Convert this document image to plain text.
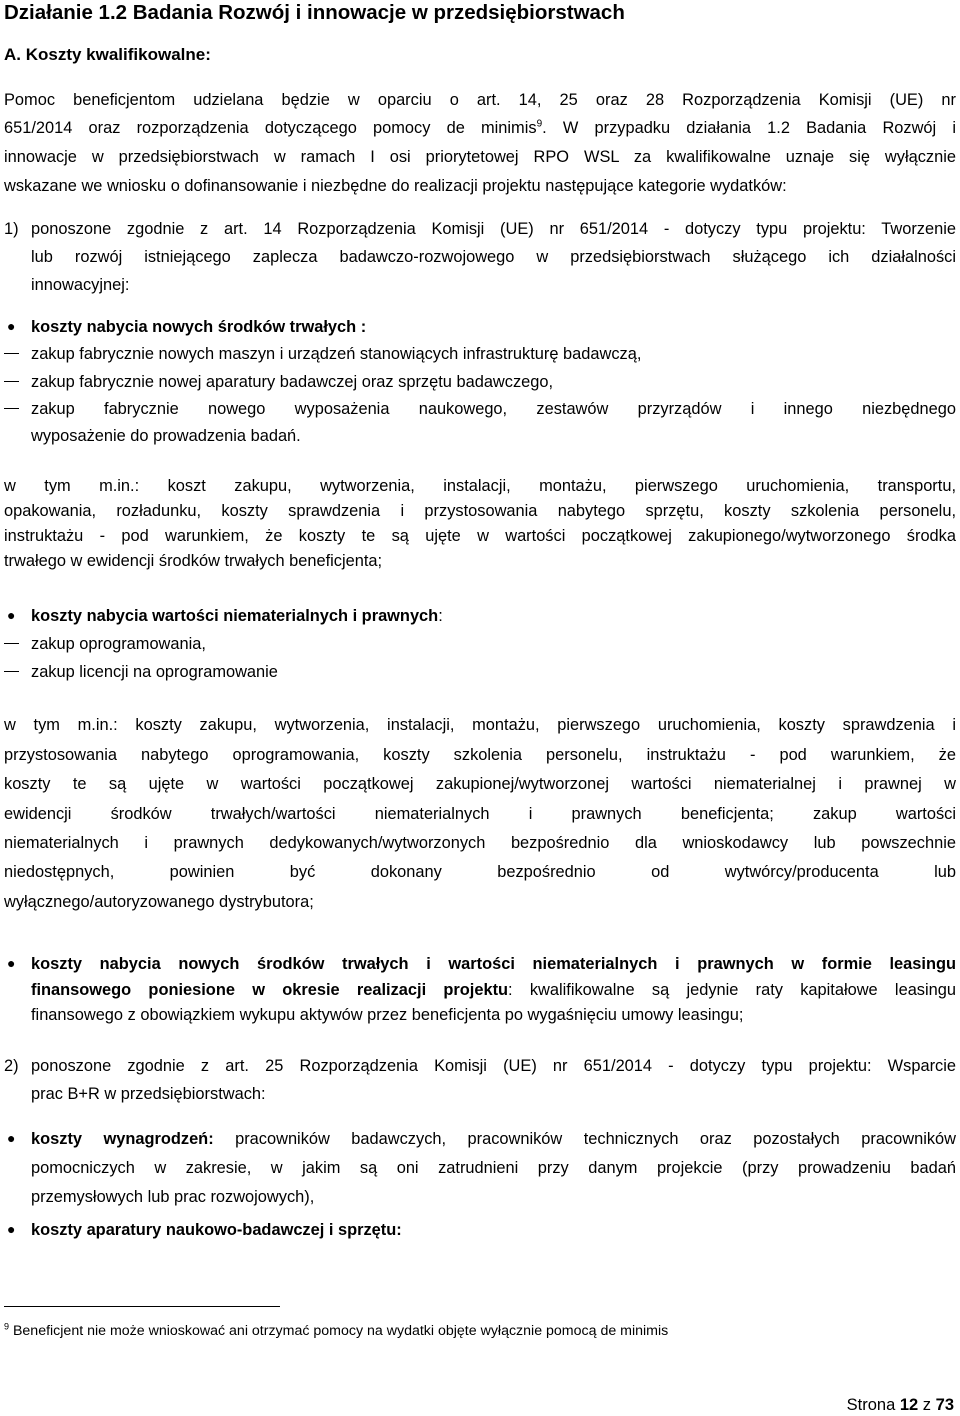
Działanie 1.2 Badania Rozwój i innowacje w przedsiębiorstwach
A. Koszty kwalifikowalne:
Pomoc beneficjentom udzielana będzie w oparciu o art. 14, 25 oraz 28 Rozporządzenia Komisji (UE) nr
651/2014 oraz rozporządzenia dotyczącego pomocy de minimis$^9$. W przypadku działania 1.2 Badania Rozwój i
innowacje w przedsiębiorstwach w ramach I osi priorytetowej RPO WSL za kwalifikowalne uznaje się wyłącznie
wskazane we wniosku o dofinansowanie i niezbędne do realizacji projektu następujące kategorie wydatków:
1) ponoszone zgodnie z art. 14 Rozporządzenia Komisji (UE) nr 651/2014 - dotyczy typu projektu: Tworzenie
lub rozwój istniejącego zaplecza badawczo-rozwojowego w przedsiębiorstwach służącego ich działalności
innowacyjnej:
● koszty nabycia nowych środków trwałych :
zakup fabrycznie nowych maszyn i urządzeń stanowiących infrastrukturę badawczą,
zakup fabrycznie nowej aparatury badawczej oraz sprzętu badawczego,
zakup fabrycznie nowego wyposażenia naukowego, zestawów przyrządów i innego niezbędnego
wyposażenie do prowadzenia badań.
w tym m.in.: koszt zakupu, wytworzenia, instalacji, montażu, pierwszego uruchomienia, transportu,
opakowania, rozładunku, koszty sprawdzenia i przystosowania nabytego sprzętu, koszty szkolenia personelu,
instruktażu - pod warunkiem, że koszty te są ujęte w wartości początkowej zakupionego/wytworzonego środka
trwałego w ewidencji środków trwałych beneficjenta;
● koszty nabycia wartości niematerialnych i prawnych:
zakup oprogramowania,
zakup licencji na oprogramowanie
w tym m.in.: koszty zakupu, wytworzenia, instalacji, montażu, pierwszego uruchomienia, koszty sprawdzenia i
przystosowania nabytego oprogramowania, koszty szkolenia personelu, instruktażu - pod warunkiem, że
koszty te są ujęte w wartości początkowej zakupionej/wytworzonej wartości niematerialnej i prawnej w
ewidencji środków trwałych/wartości niematerialnych i prawnych beneficjenta; zakup wartości
niematerialnych i prawnych dedykowanych/wytworzonych bezpośrednio dla wnioskodawcy lub powszechnie
niedostępnych, powinien być dokonany bezpośrednio od wytwórcy/producenta lub
wyłącznego/autoryzowanego dystrybutora;
● koszty nabycia nowych środków trwałych i wartości niematerialnych i prawnych w formie leasingu
finansowego poniesione w okresie realizacji projektu: kwalifikowalne są jedynie raty kapitałowe leasingu
finansowego z obowiązkiem wykupu aktywów przez beneficjenta po wygaśnięciu umowy leasingu;
2) ponoszone zgodnie z art. 25 Rozporządzenia Komisji (UE) nr 651/2014 - dotyczy typu projektu: Wsparcie
prac B+R w przedsiębiorstwach:
● koszty wynagrodzeń: pracowników badawczych, pracowników technicznych oraz pozostałych pracowników
pomocniczych w zakresie, w jakim są oni zatrudnieni przy danym projekcie (przy prowadzeniu badań
przemysłowych lub prac rozwojowych),
● koszty aparatury naukowo-badawczej i sprzętu:
$^9$ Beneficjent nie może wnioskować ani otrzymać pomocy na wydatki objęte wyłącznie pomocą de minimis
Strona 12 z 73
